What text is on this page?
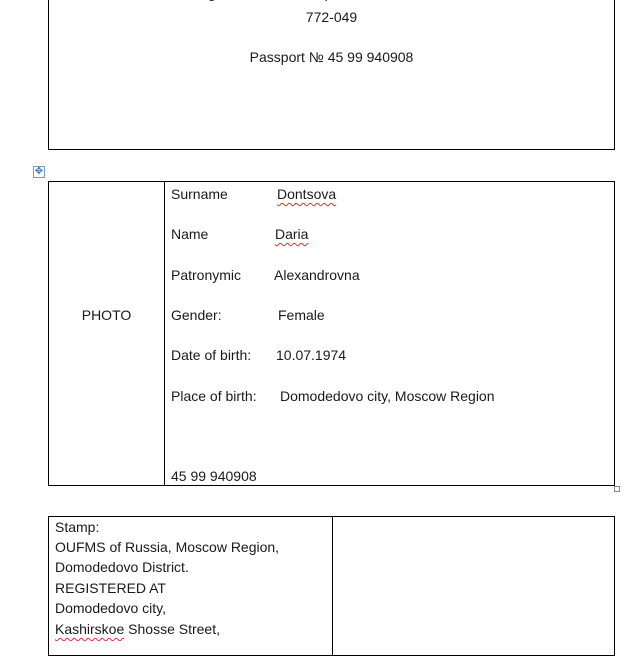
772-049
Passport № 45 99 940908
✥
PHOTO
Surname	Dontsova
Name	Daria
Patronymic Alexandrovna
Gender:	Female
Date of birth: 10.07.1974
Place of birth: Domodedovo city, Moscow Region
45 99 940908
Stamp:
OUFMS of Russia, Moscow Region,
Domodedovo District.
REGISTERED AT
Domodedovo city,
Kashirskoe Shosse Street,
